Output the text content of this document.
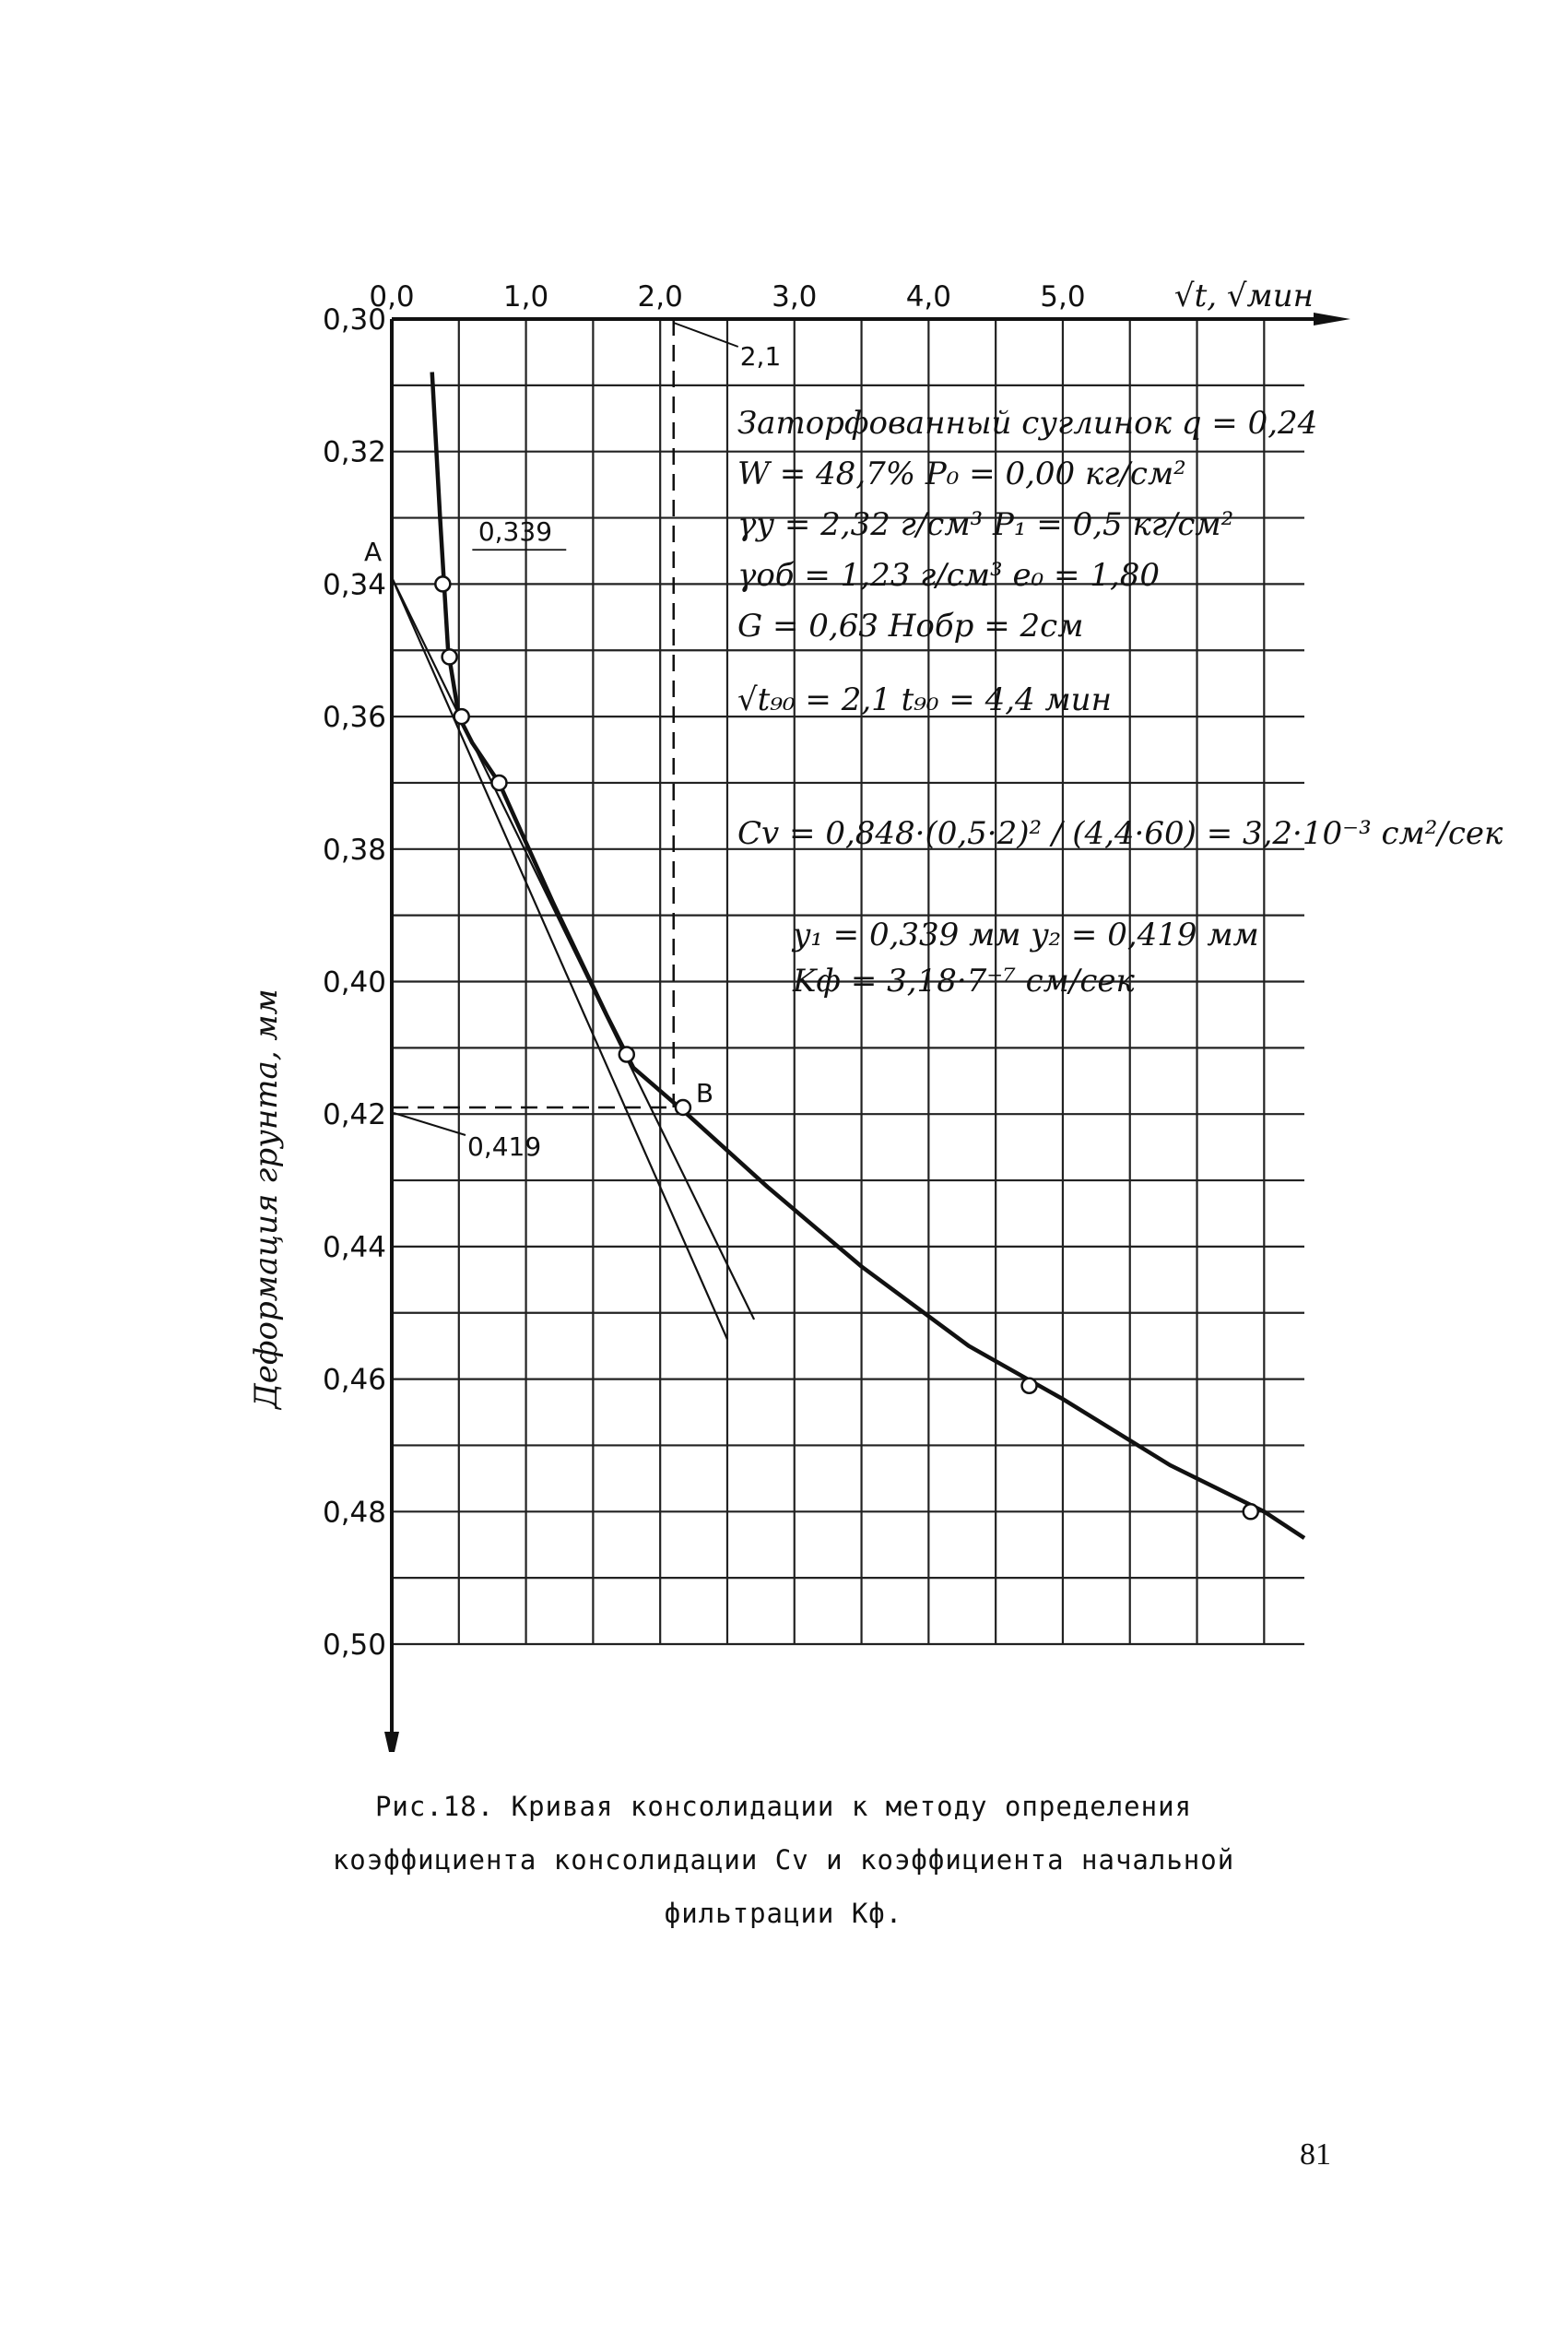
2,1
0,419
0,339
0,0	1,0	2,0	3,0	4,0	5,0
0,30
0,32
0,34
0,36
0,38
0,40
0,42
0,44
0,46
0,48
0,50
√t, √мин
Деформация грунта, мм
A
B
Заторфованный суглинок q = 0,24
W = 48,7% P₀ = 0,00 кг/см²
γу = 2,32 г/см³ P₁ = 0,5 кг/см²
γоб = 1,23 г/см³ e₀ = 1,80
G = 0,63 Hобр = 2см
√t₉₀ = 2,1 t₉₀ = 4,4 мин
Cv = 0,848·(0,5·2)² / (4,4·60) = 3,2·10⁻³ см²/сек
y₁ = 0,339 мм y₂ = 0,419 мм
Kф = 3,18·7⁻⁷ см/сек
Рис.18. Кривая консолидации к методу определения
коэффициента консолидации Cv и коэффициента начальной
фильтрации Kф.
81
